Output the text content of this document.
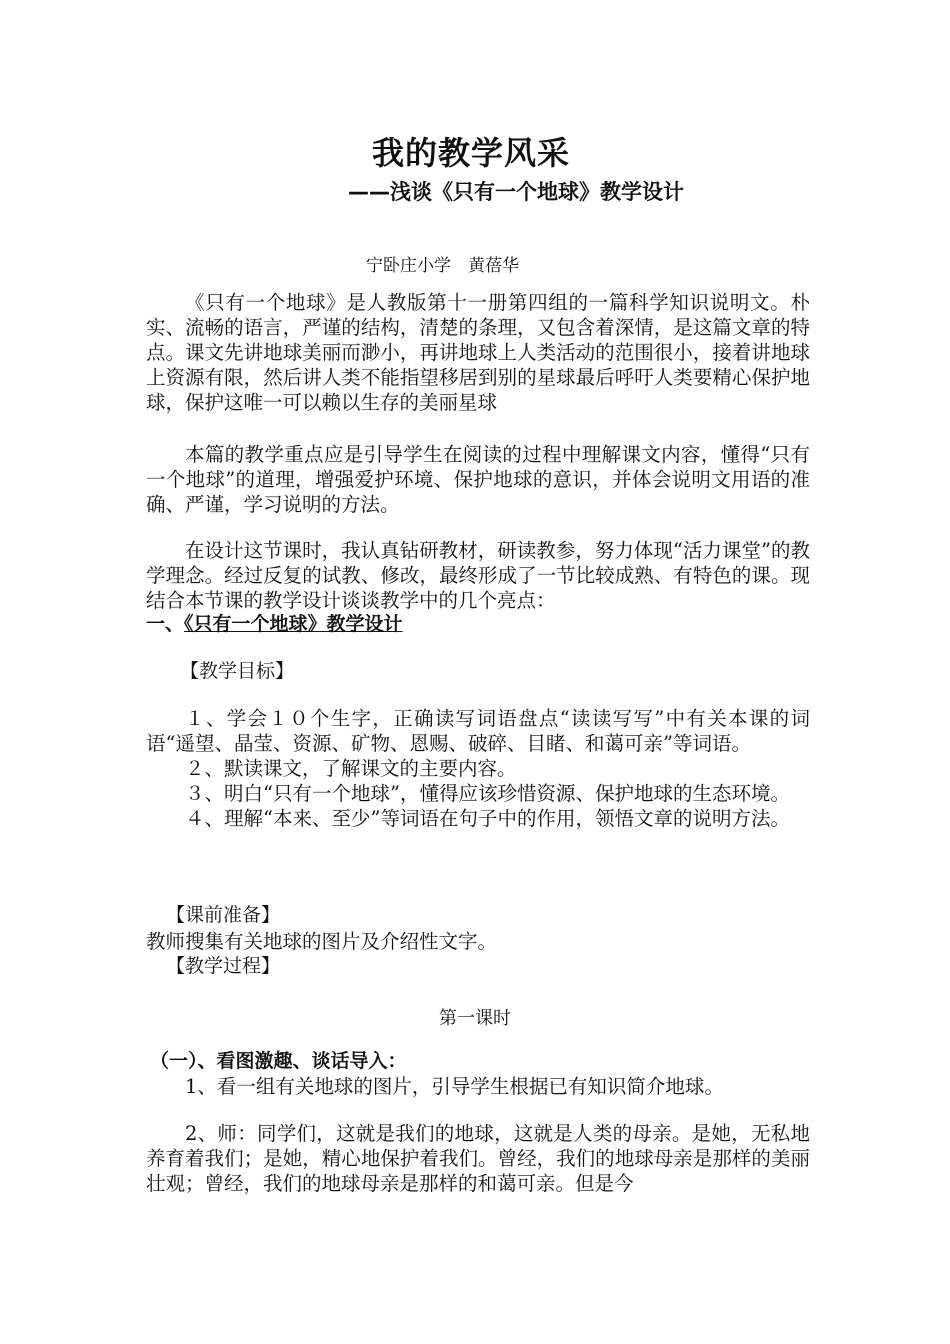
我的教学风采
——浅谈《只有一个地球》教学设计

宁卧庄小学　黄蓓华

《只有一个地球》是人教版第十一册第四组的一篇科学知识说明文。朴实、流畅的语言，严谨的结构，清楚的条理，又包含着深情，是这篇文章的特点。课文先讲地球美丽而渺小，再讲地球上人类活动的范围很小，接着讲地球上资源有限，然后讲人类不能指望移居到别的星球最后呼吁人类要精心保护地球，保护这唯一可以赖以生存的美丽星球

本篇的教学重点应是引导学生在阅读的过程中理解课文内容，懂得“只有一个地球”的道理，增强爱护环境、保护地球的意识，并体会说明文用语的准确、严谨，学习说明的方法。

在设计这节课时，我认真钻研教材，研读教参，努力体现“活力课堂”的教学理念。经过反复的试教、修改，最终形成了一节比较成熟、有特色的课。现结合本节课的教学设计谈谈教学中的几个亮点：

一、《只有一个地球》教学设计
【教学目标】

１、学会１０个生字，正确读写词语盘点“读读写写”中有关本课的词语“遥望、晶莹、资源、矿物、恩赐、破碎、目睹、和蔼可亲”等词语。

２、默读课文，了解课文的主要内容。

３、明白“只有一个地球”，懂得应该珍惜资源、保护地球的生态环境。

４、理解“本来、至少”等词语在句子中的作用，领悟文章的说明方法。

【课前准备】

教师搜集有关地球的图片及介绍性文字。

【教学过程】
第一课时
（一）、看图激趣、谈话导入：

1、看一组有关地球的图片，引导学生根据已有知识简介地球。

2、师：同学们，这就是我们的地球，这就是人类的母亲。是她，无私地养育着我们；是她，精心地保护着我们。曾经，我们的地球母亲是那样的美丽壮观；曾经，我们的地球母亲是那样的和蔼可亲。但是今
